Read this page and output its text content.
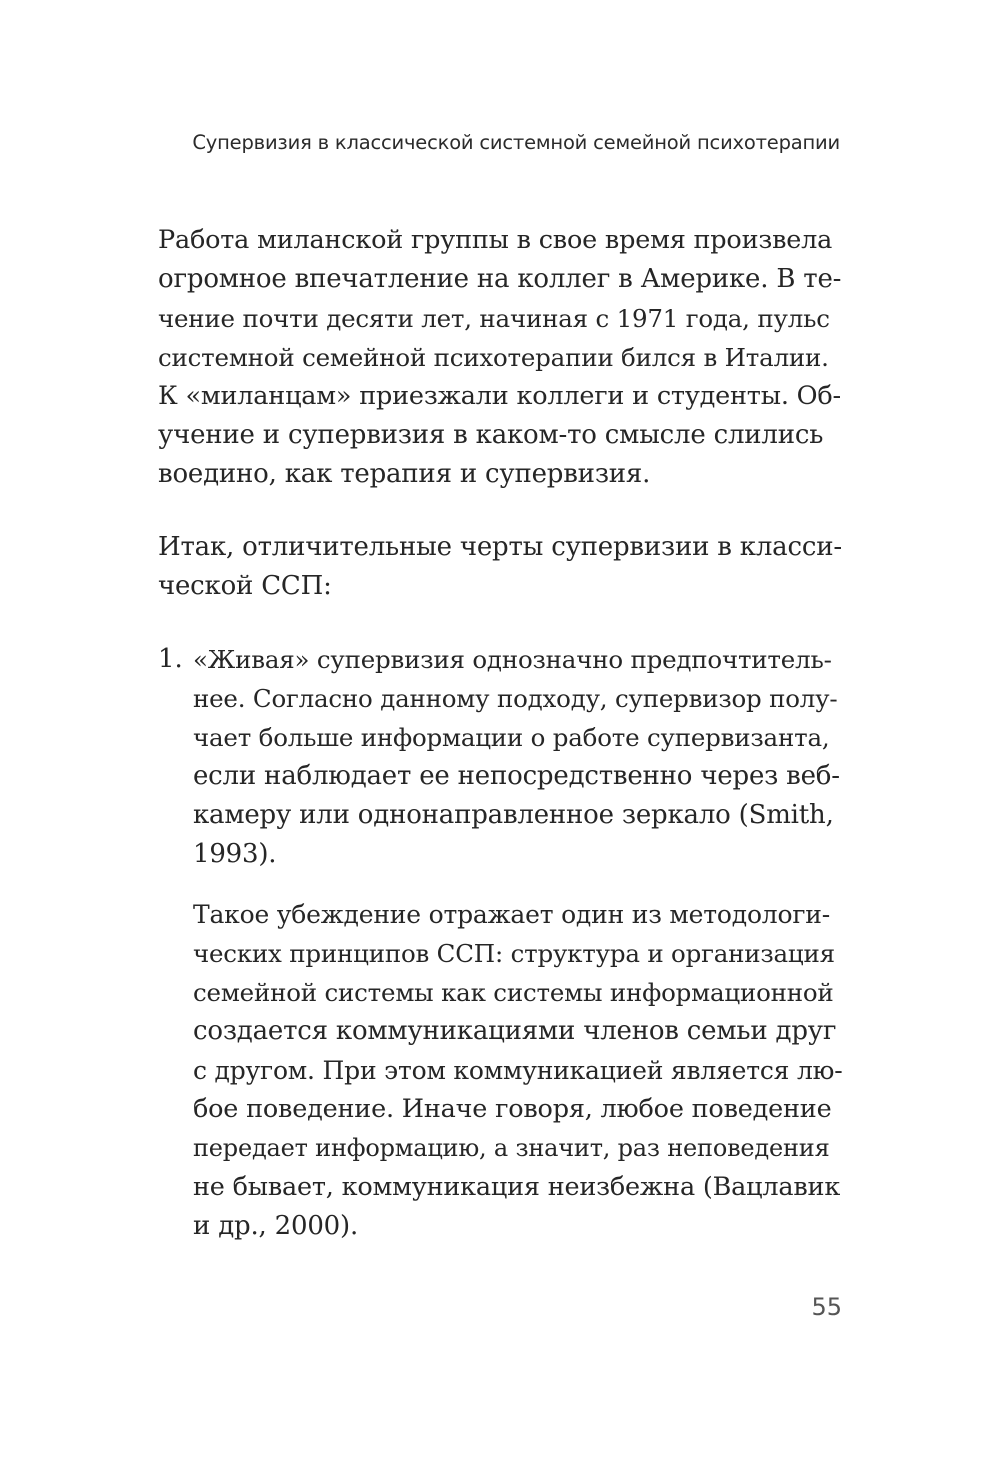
Супервизия в классической системной семейной психотерапии
Работа миланской группы в свое время произвела
огромное впечатление на коллег в Америке. В те-
чение почти десяти лет, начиная с 1971 года, пульс
системной семейной психотерапии бился в Италии.
К «миланцам» приезжали коллеги и студенты. Об-
учение и супервизия в каком-то смысле слились
воедино, как терапия и супервизия.
Итак, отличительные черты супервизии в класси-
ческой ССП:
1. «Живая» супервизия однозначно предпочтитель-
нее. Согласно данному подходу, супервизор полу-
чает больше информации о работе супервизанта,
если наблюдает ее непосредственно через веб-
камеру или однонаправленное зеркало (Smith,
1993).
Такое убеждение отражает один из методологи-
ческих принципов ССП: структура и организация
семейной системы как системы информационной
создается коммуникациями членов семьи друг
с другом. При этом коммуникацией является лю-
бое поведение. Иначе говоря, любое поведение
передает информацию, а значит, раз неповедения
не бывает, коммуникация неизбежна (Вацлавик
и др., 2000).
55
